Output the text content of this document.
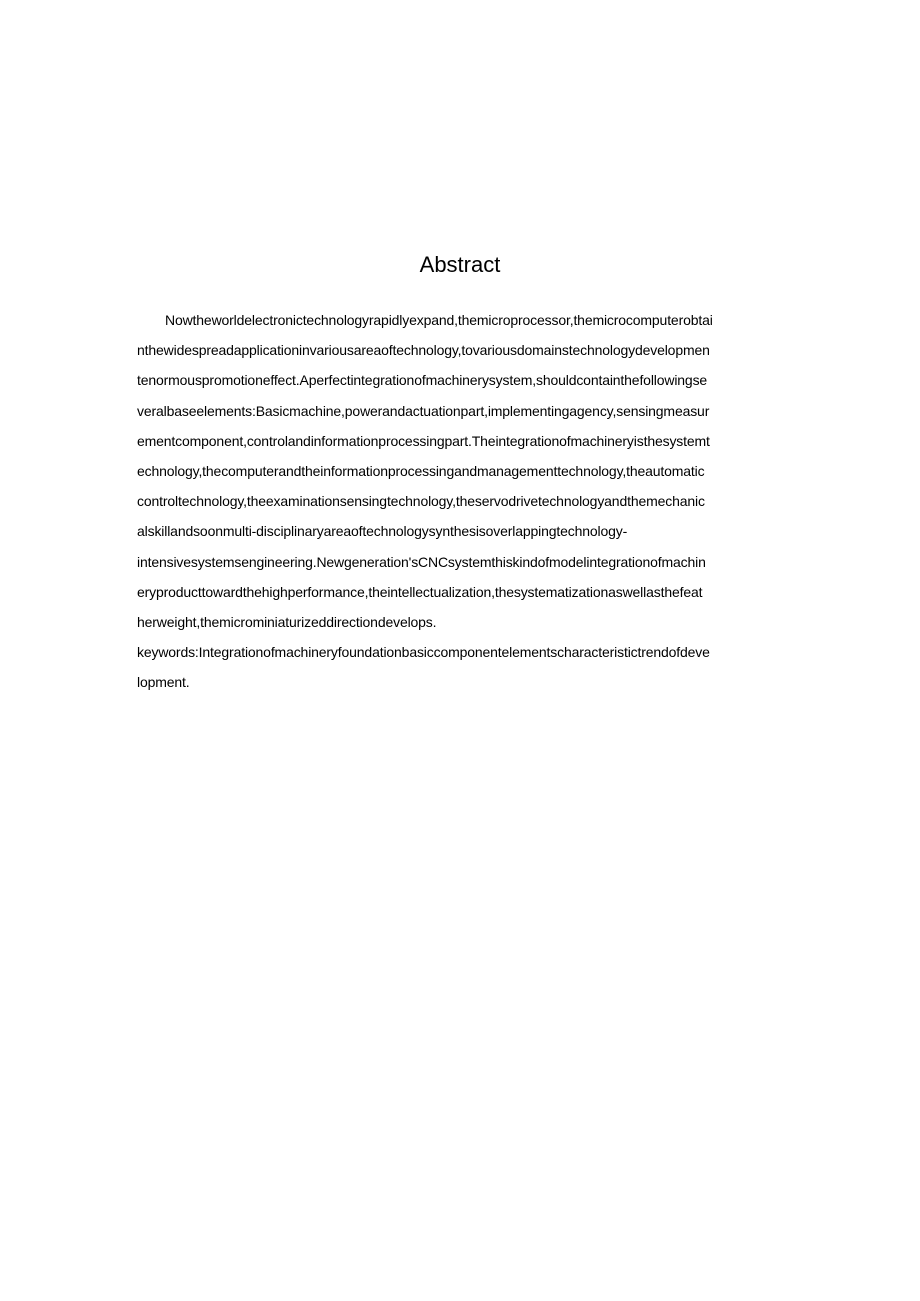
Abstract
Nowtheworldelectronictechnologyrapidlyexpand,themicroprocessor,themicrocomputerobtai
nthewidespreadapplicationinvariousareaoftechnology,tovariousdomainstechnologydevelopmen
tenormouspromotioneffect.Aperfectintegrationofmachinerysystem,shouldcontainthefollowingse
veralbaseelements:Basicmachine,powerandactuationpart,implementingagency,sensingmeasur
ementcomponent,controlandinformationprocessingpart.Theintegrationofmachineryisthesystemt
echnology,thecomputerandtheinformationprocessingandmanagementtechnology,theautomatic
controltechnology,theexaminationsensingtechnology,theservodrivetechnologyandthemechanic
alskillandsoonmulti-disciplinaryareaoftechnologysynthesisoverlappingtechnology-
intensivesystemsengineering.Newgeneration'sCNCsystemthiskindofmodelintegrationofmachin
eryproducttowardthehighperformance,theintellectualization,thesystematizationaswellasthefeat
herweight,themicrominiaturizeddirectiondevelops.
keywords:Integrationofmachineryfoundationbasiccomponentelementscharacteristictrendofdeve
lopment.
